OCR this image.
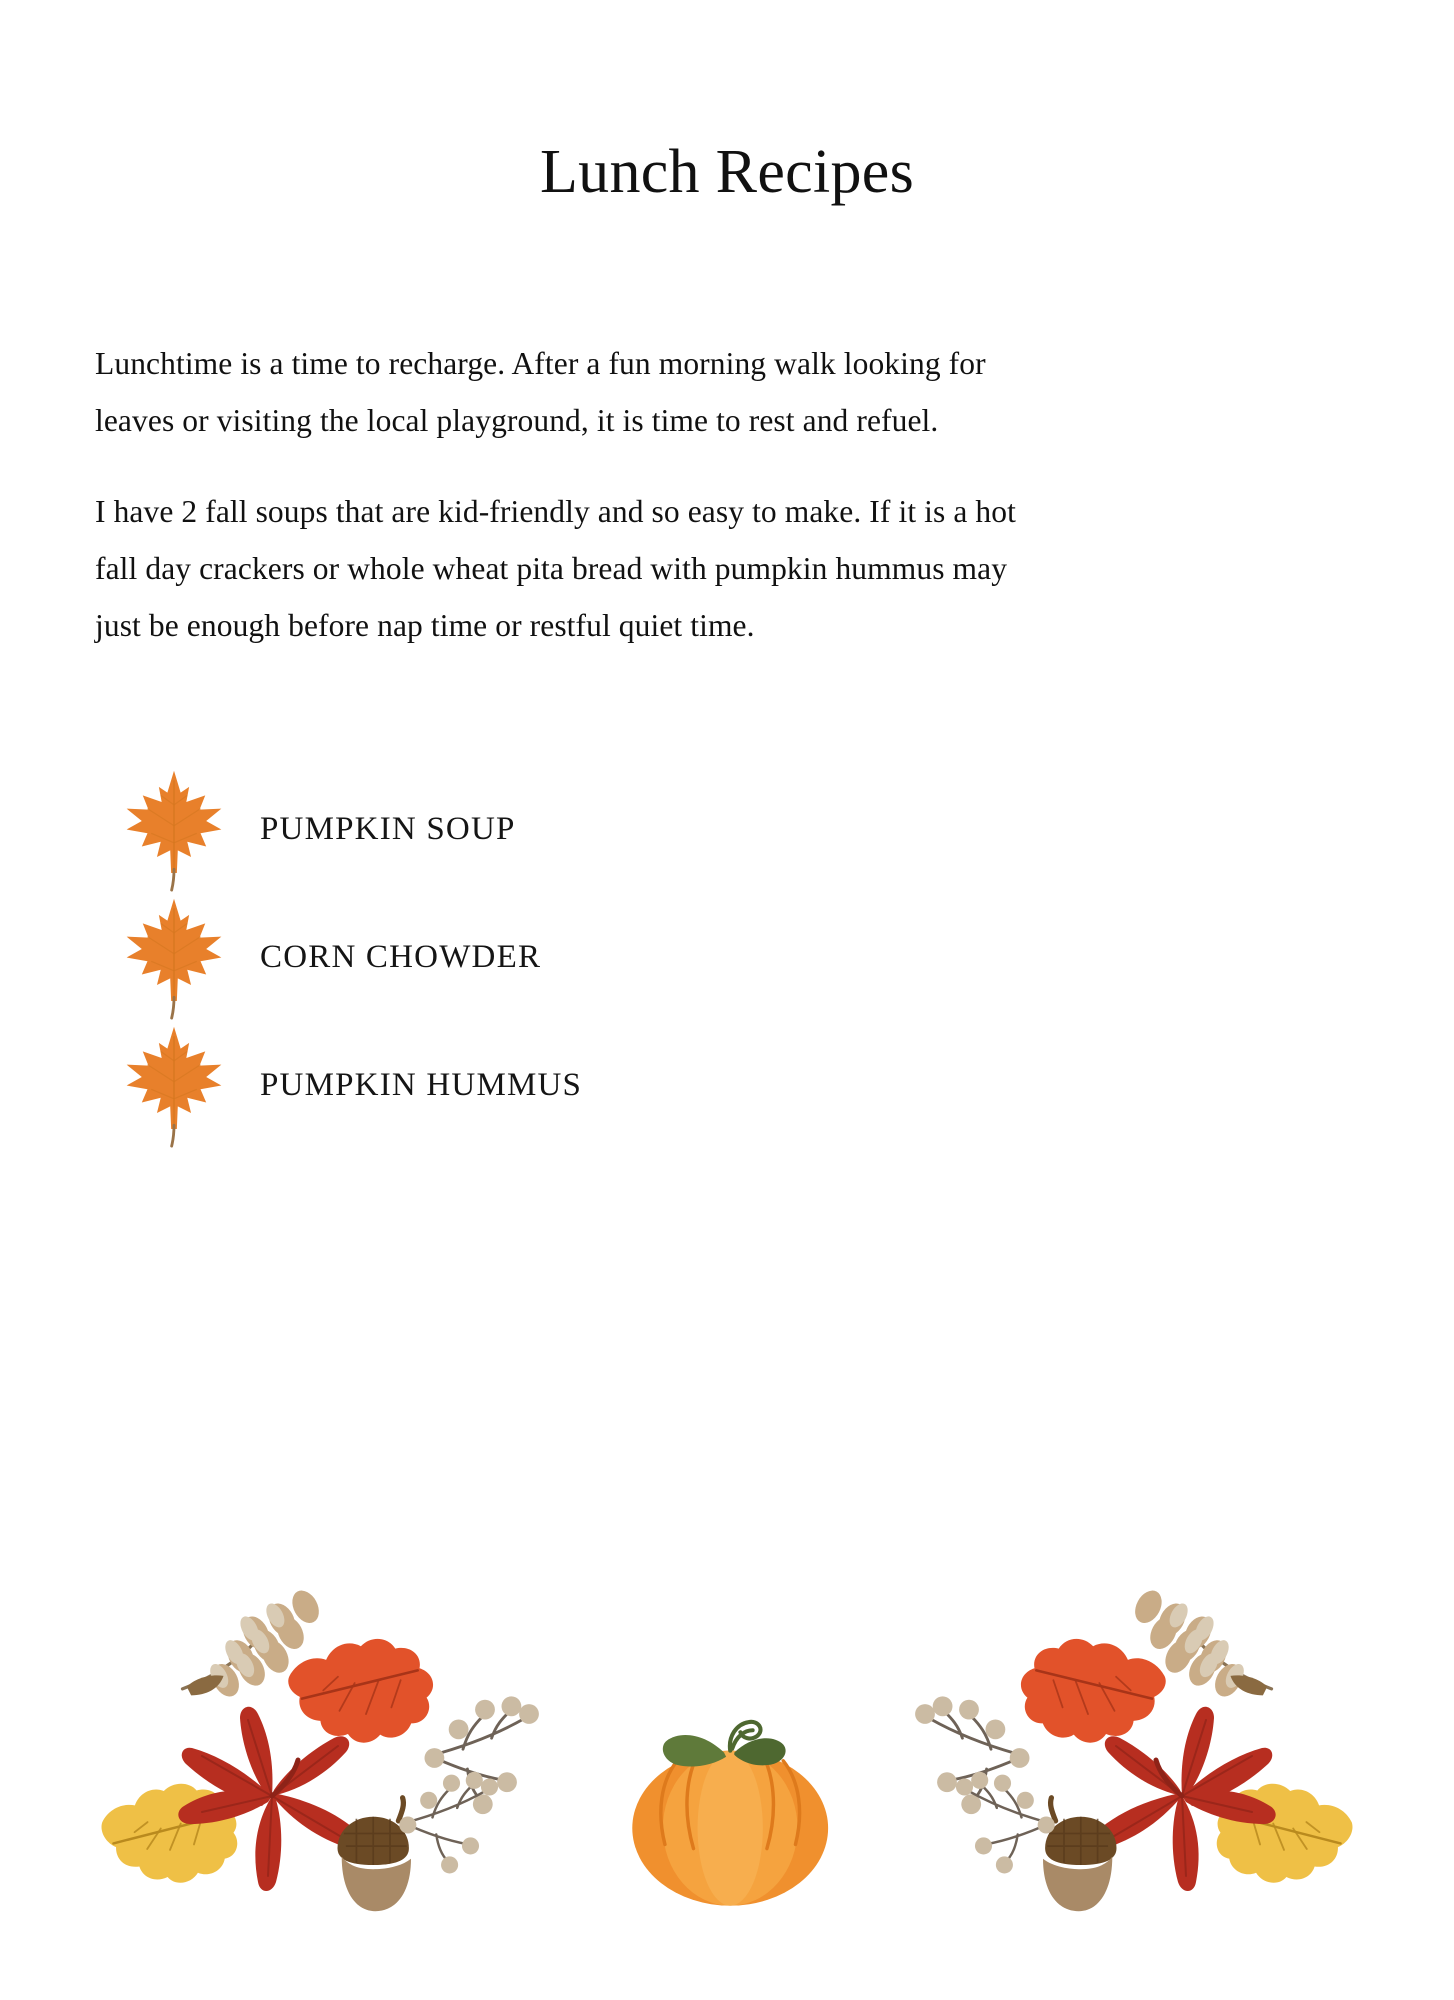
Lunch Recipes

Lunchtime is a time to recharge. After a fun morning walk looking for leaves or visiting the local playground, it is time to rest and refuel.

I have 2 fall soups that are kid-friendly and so easy to make. If it is a hot fall day crackers or whole wheat pita bread with pumpkin hummus may just be enough before nap time or restful quiet time.

PUMPKIN SOUP
CORN CHOWDER
PUMPKIN HUMMUS
